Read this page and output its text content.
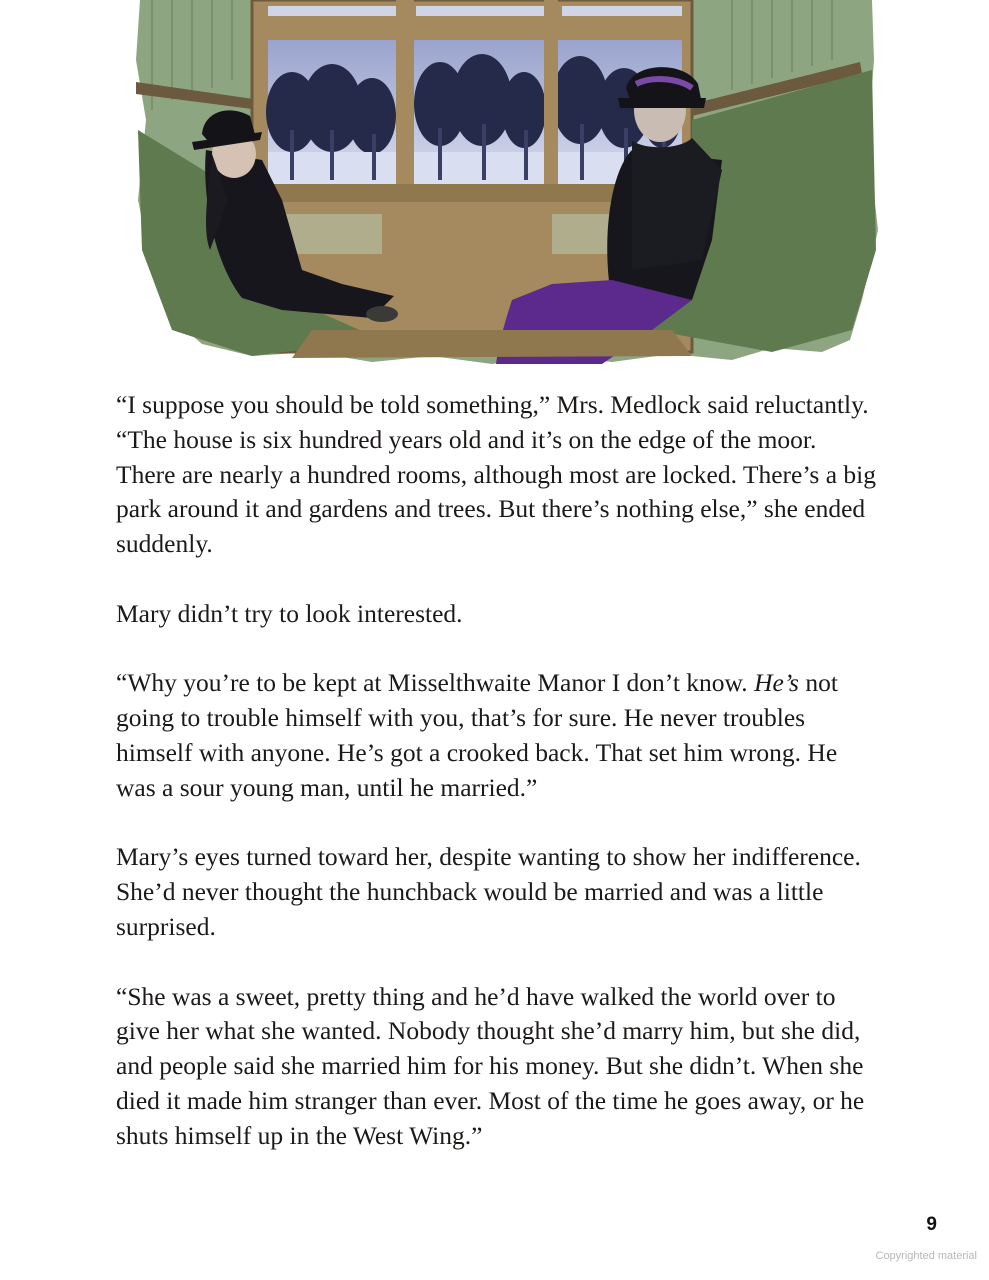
“I suppose you should be told something,” Mrs. Medlock said reluctantly. “The house is six hundred years old and it’s on the edge of the moor. There are nearly a hundred rooms, although most are locked. There’s a big park around it and gardens and trees. But there’s nothing else,” she ended suddenly.

Mary didn’t try to look interested.

“Why you’re to be kept at Misselthwaite Manor I don’t know. He’s not going to trouble himself with you, that’s for sure. He never troubles himself with anyone. He’s got a crooked back. That set him wrong. He was a sour young man, until he married.”

Mary’s eyes turned toward her, despite wanting to show her indifference. She’d never thought the hunchback would be married and was a little surprised.

“She was a sweet, pretty thing and he’d have walked the world over to give her what she wanted. Nobody thought she’d marry him, but she did, and people said she married him for his money. But she didn’t. When she died it made him stranger than ever. Most of the time he goes away, or he shuts himself up in the West Wing.”

9
Copyrighted material
